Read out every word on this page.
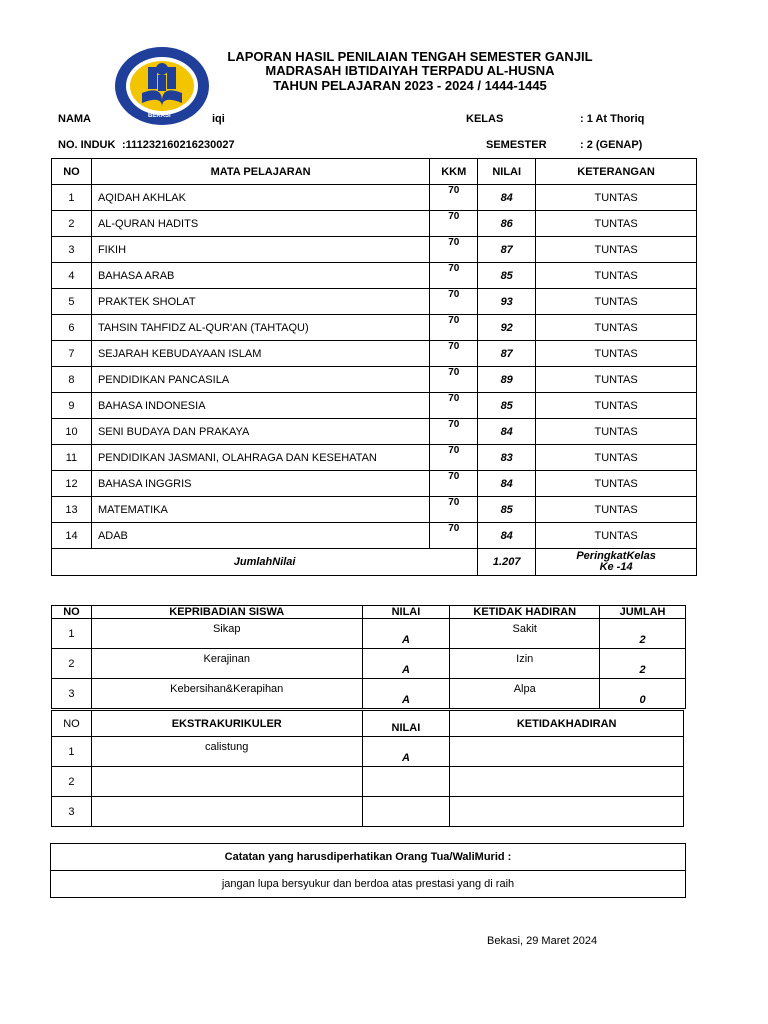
BEKASI
LAPORAN HASIL PENILAIAN TENGAH SEMESTER GANJIL
MADRASAH IBTIDAIYAH TERPADU AL-HUSNA
TAHUN PELAJARAN 2023 - 2024 / 1444-1445
NAMA	iqi	KELAS	: 1 At Thoriq
NO. INDUK :111232160216230027	SEMESTER	: 2 (GENAP)
NO	MATA PELAJARAN	KKM	NILAI	KETERANGAN
1	AQIDAH AKHLAK	70	84	TUNTAS
2	AL-QURAN HADITS	70	86	TUNTAS
3	FIKIH	70	87	TUNTAS
4	BAHASA ARAB	70	85	TUNTAS
5	PRAKTEK SHOLAT	70	93	TUNTAS
6	TAHSIN TAHFIDZ AL-QUR'AN (TAHTAQU)	70	92	TUNTAS
7	SEJARAH KEBUDAYAAN ISLAM	70	87	TUNTAS
8	PENDIDIKAN PANCASILA	70	89	TUNTAS
9	BAHASA INDONESIA	70	85	TUNTAS
10	SENI BUDAYA DAN PRAKAYA	70	84	TUNTAS
11	PENDIDIKAN JASMANI, OLAHRAGA DAN KESEHATAN	70	83	TUNTAS
12	BAHASA INGGRIS	70	84	TUNTAS
13	MATEMATIKA	70	85	TUNTAS
14	ADAB	70	84	TUNTAS
JumlahNilai			1.207	PeringkatKelas
Ke -14
NO	KEPRIBADIAN SISWA	NILAI	KETIDAK HADIRAN	JUMLAH
1	Sikap	A	Sakit	2
2	Kerajinan	A	Izin	2
3	Kebersihan&Kerapihan	A	Alpa	0
NO	EKSTRAKURIKULER	NILAI	KETIDAKHADIRAN
1	calistung	A	
2			
3			
Catatan yang harusdiperhatikan Orang Tua/WaliMurid :
jangan lupa bersyukur dan berdoa atas prestasi yang di raih
Bekasi, 29 Maret 2024
